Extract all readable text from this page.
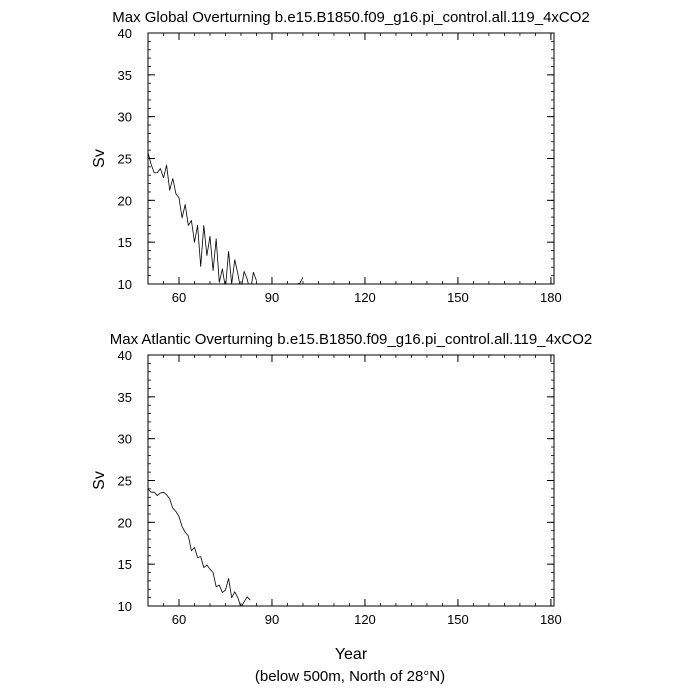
Max Global Overturning b.e15.B1850.f09_g16.pi_control.all.119_4xCO2
60	90	120	150	180
10
15
20
25
30
35
40
Sv
Max Atlantic Overturning b.e15.B1850.f09_g16.pi_control.all.119_4xCO2
60	90	120	150	180
10
15
20
25
30
35
40
Sv
Year
(below 500m, North of 28°N)
